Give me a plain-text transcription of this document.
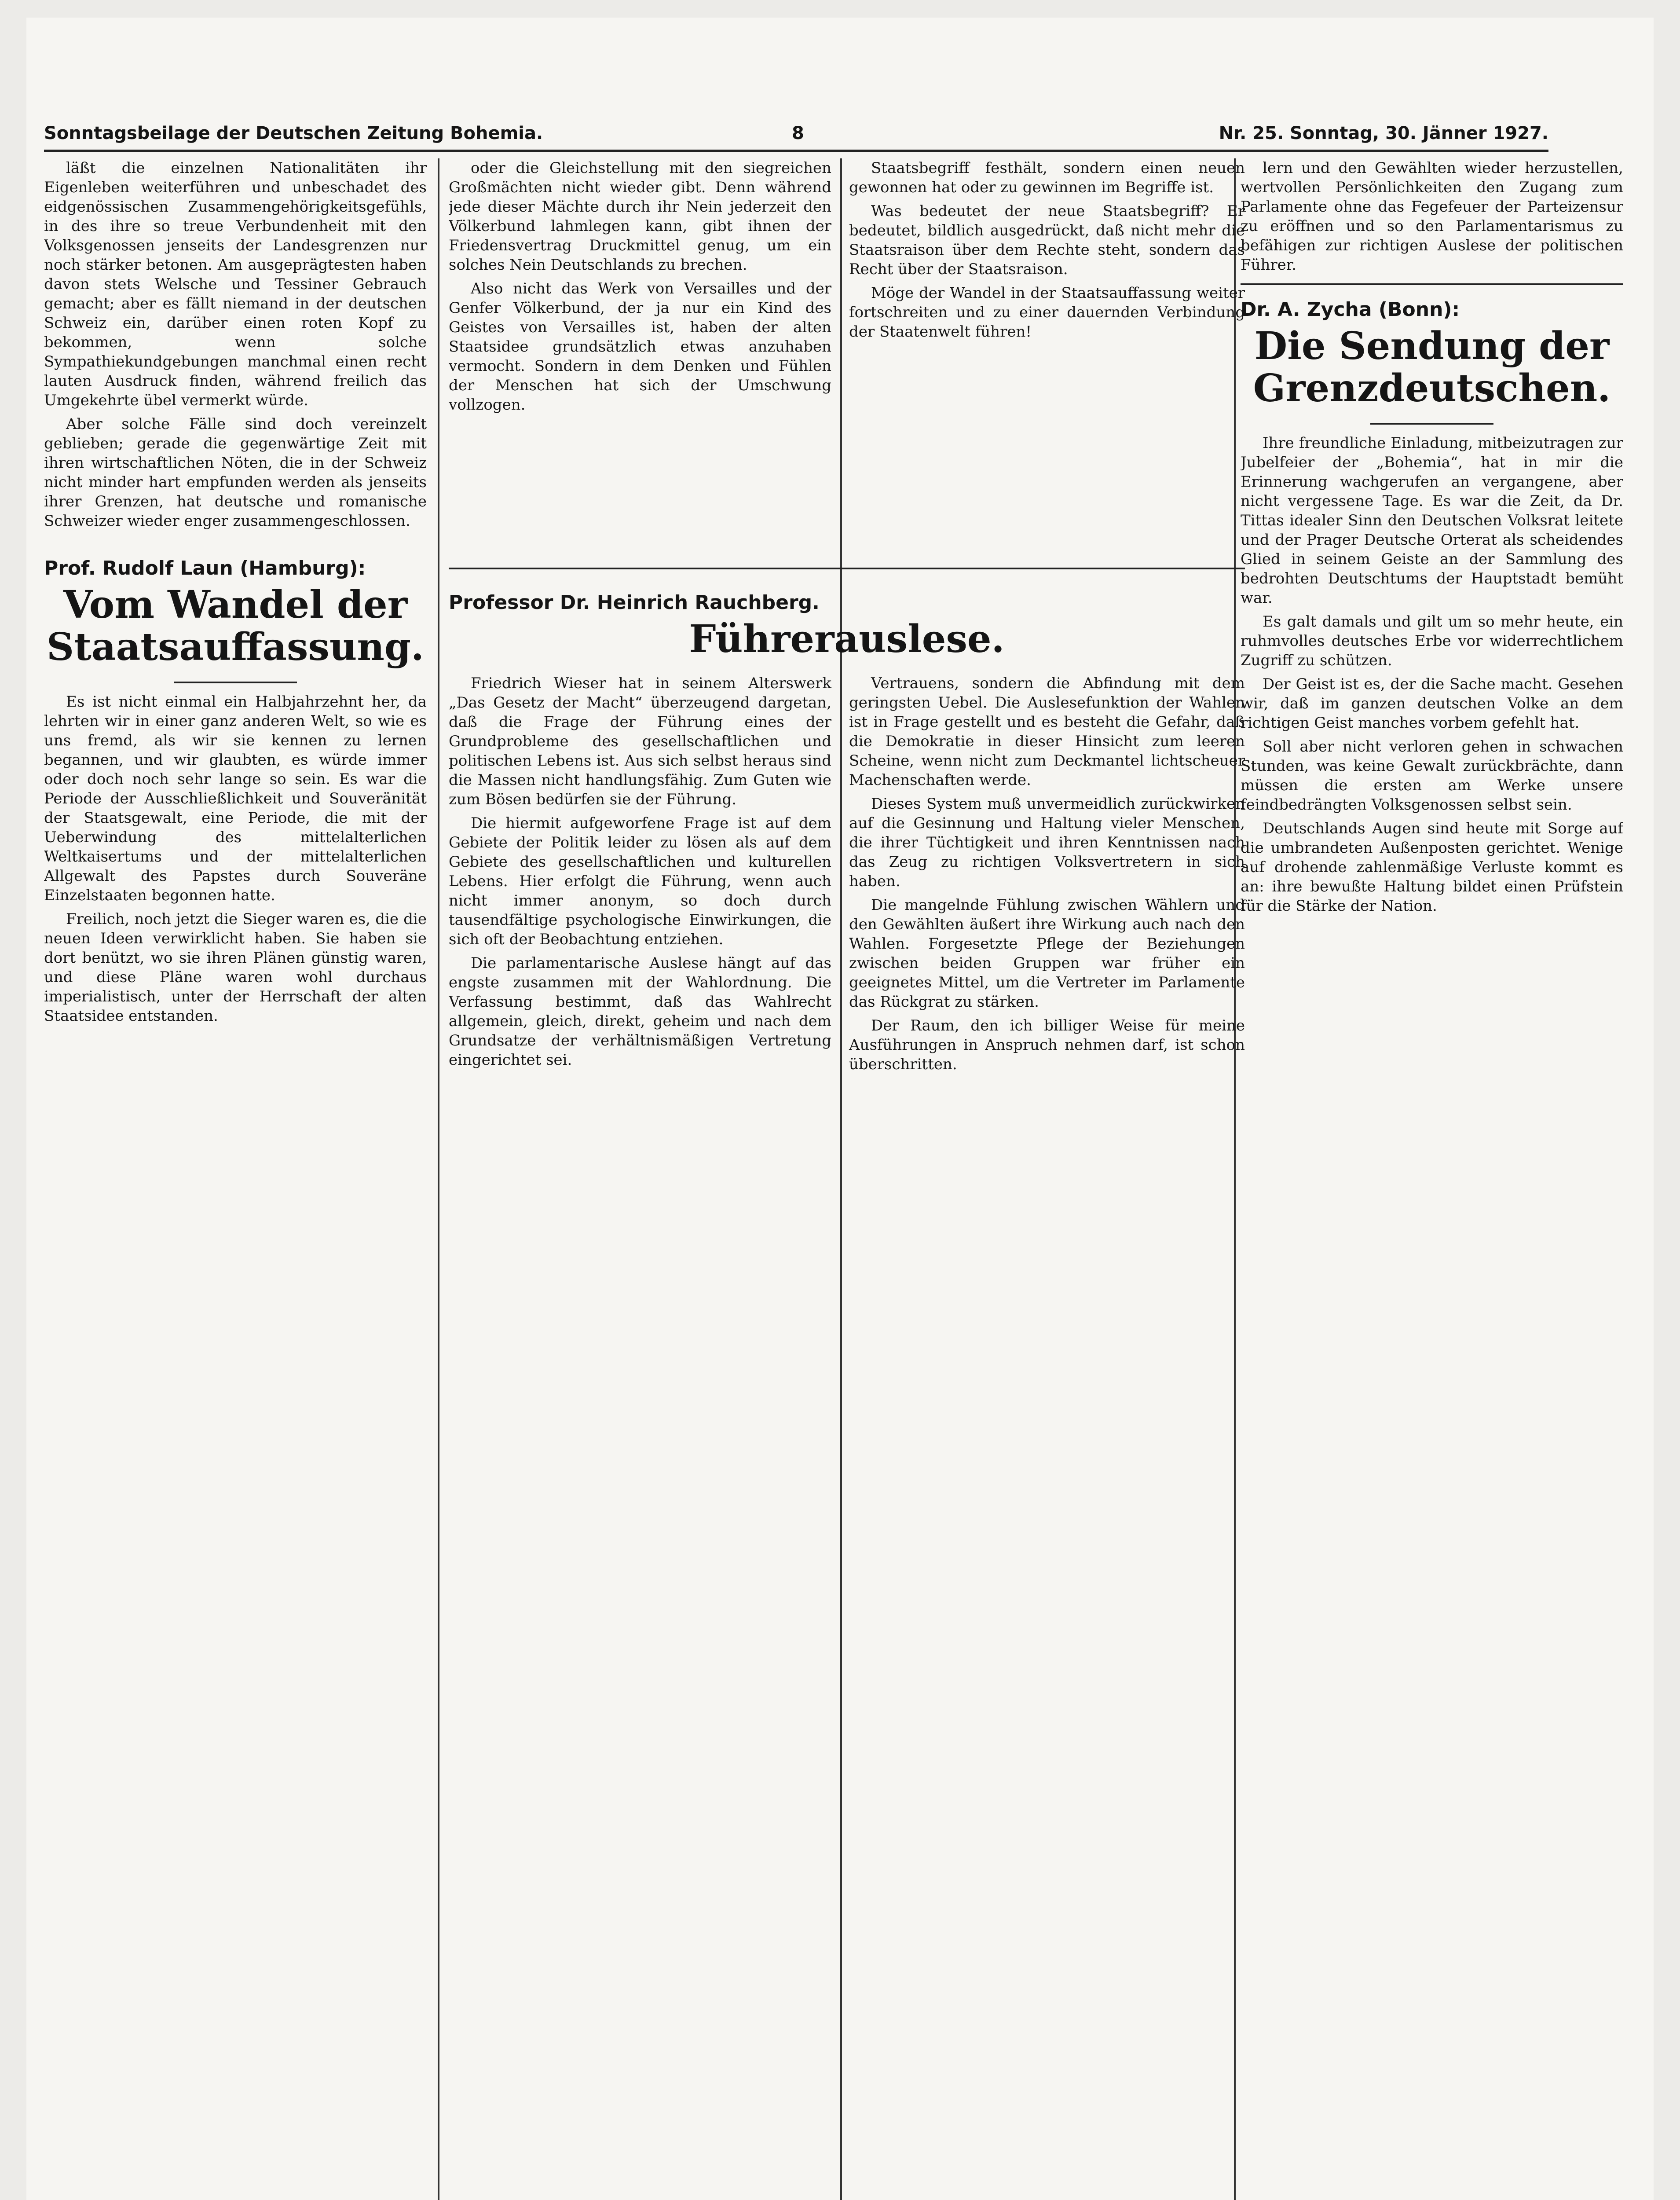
Sonntagsbeilage der Deutschen Zeitung Bohemia.	8	Nr. 25. Sonntag, 30. Jänner 1927.

läßt die einzelnen Nationalitäten ihr Eigenleben weiterführen und unbeschadet des eidgenössischen Zusammengehörigkeitsgefühls, in des ihre so treue Verbundenheit mit den Volksgenossen jenseits der Landesgrenzen nur noch stärker betonen. Am ausgeprägtesten haben davon stets Welsche und Tessiner Gebrauch gemacht; aber es fällt niemand in der deutschen Schweiz ein, darüber einen roten Kopf zu bekommen, wenn solche Sympathiekundgebungen manchmal einen recht lauten Ausdruck finden, während freilich das Umgekehrte übel vermerkt würde.

Aber solche Fälle sind doch vereinzelt geblieben; gerade die gegenwärtige Zeit mit ihren wirtschaftlichen Nöten, die in der Schweiz nicht minder hart empfunden werden als jenseits ihrer Grenzen, hat deutsche und romanische Schweizer wieder enger zusammengeschlossen.

Prof. Rudolf Laun (Hamburg):
Vom Wandel der Staatsauffassung.

Es ist nicht einmal ein Halbjahrzehnt her, da lehrten wir in einer ganz anderen Welt, so wie es uns fremd, als wir sie kennen zu lernen begannen, und wir glaubten, es würde immer oder doch noch sehr lange so sein. Es war die Periode der Ausschließlichkeit und Souveränität der Staatsgewalt, eine Periode, die mit der Ueberwindung des mittelalterlichen Weltkaisertums und der mittelalterlichen Allgewalt des Papstes durch Souveräne Einzelstaaten begonnen hatte.

Freilich, noch jetzt die Sieger waren es, die die neuen Ideen verwirklicht haben. Sie haben sie dort benützt, wo sie ihren Plänen günstig waren, und diese Pläne waren wohl durchaus imperialistisch, unter der Herrschaft der alten Staatsidee entstanden.

oder die Gleichstellung mit den siegreichen Großmächten nicht wieder gibt. Denn während jede dieser Mächte durch ihr Nein jederzeit den Völkerbund lahmlegen kann, gibt ihnen der Friedensvertrag Druckmittel genug, um ein solches Nein Deutschlands zu brechen.

Also nicht das Werk von Versailles und der Genfer Völkerbund, der ja nur ein Kind des Geistes von Versailles ist, haben der alten Staatsidee grundsätzlich etwas anzuhaben vermocht. Sondern in dem Denken und Fühlen der Menschen hat sich der Umschwung vollzogen.

Staatsbegriff festhält, sondern einen neuen gewonnen hat oder zu gewinnen im Begriffe ist.

Was bedeutet der neue Staatsbegriff? Er bedeutet, bildlich ausgedrückt, daß nicht mehr die Staatsraison über dem Rechte steht, sondern das Recht über der Staatsraison.

Möge der Wandel in der Staatsauffassung weiter fortschreiten und zu einer dauernden Verbindung der Staatenwelt führen!

Professor Dr. Heinrich Rauchberg.
Führerauslese.

Friedrich Wieser hat in seinem Alterswerk „Das Gesetz der Macht“ überzeugend dargetan, daß die Frage der Führung eines der Grundprobleme des gesellschaftlichen und politischen Lebens ist. Aus sich selbst heraus sind die Massen nicht handlungsfähig. Zum Guten wie zum Bösen bedürfen sie der Führung.

Die hiermit aufgeworfene Frage ist auf dem Gebiete der Politik leider zu lösen als auf dem Gebiete des gesellschaftlichen und kulturellen Lebens. Hier erfolgt die Führung, wenn auch nicht immer anonym, so doch durch tausendfältige psychologische Einwirkungen, die sich oft der Beobachtung entziehen.

Die parlamentarische Auslese hängt auf das engste zusammen mit der Wahlordnung. Die Verfassung bestimmt, daß das Wahlrecht allgemein, gleich, direkt, geheim und nach dem Grundsatze der verhältnismäßigen Vertretung eingerichtet sei.

Vertrauens, sondern die Abfindung mit dem geringsten Uebel. Die Auslesefunktion der Wahlen ist in Frage gestellt und es besteht die Gefahr, daß die Demokratie in dieser Hinsicht zum leeren Scheine, wenn nicht zum Deckmantel lichtscheuer Machenschaften werde.

Dieses System muß unvermeidlich zurückwirken auf die Gesinnung und Haltung vieler Menschen, die ihrer Tüchtigkeit und ihren Kenntnissen nach das Zeug zu richtigen Volksvertretern in sich haben.

Die mangelnde Fühlung zwischen Wählern und den Gewählten äußert ihre Wirkung auch nach den Wahlen. Forgesetzte Pflege der Beziehungen zwischen beiden Gruppen war früher ein geeignetes Mittel, um die Vertreter im Parlamente das Rückgrat zu stärken.

Der Raum, den ich billiger Weise für meine Ausführungen in Anspruch nehmen darf, ist schon überschritten.

lern und den Gewählten wieder herzustellen, wertvollen Persönlichkeiten den Zugang zum Parlamente ohne das Fegefeuer der Parteizensur zu eröffnen und so den Parlamentarismus zu befähigen zur richtigen Auslese der politischen Führer.

Dr. A. Zycha (Bonn):
Die Sendung der Grenzdeutschen.

Ihre freundliche Einladung, mitbeizutragen zur Jubelfeier der „Bohemia“, hat in mir die Erinnerung wachgerufen an vergangene, aber nicht vergessene Tage. Es war die Zeit, da Dr. Tittas idealer Sinn den Deutschen Volksrat leitete und der Prager Deutsche Orterat als scheidendes Glied in seinem Geiste an der Sammlung des bedrohten Deutschtums der Hauptstadt bemüht war.

Es galt damals und gilt um so mehr heute, ein ruhmvolles deutsches Erbe vor widerrechtlichem Zugriff zu schützen.

Der Geist ist es, der die Sache macht. Gesehen wir, daß im ganzen deutschen Volke an dem richtigen Geist manches vorbem gefehlt hat.

Soll aber nicht verloren gehen in schwachen Stunden, was keine Gewalt zurückbrächte, dann müssen die ersten am Werke unsere feindbedrängten Volksgenossen selbst sein.

Deutschlands Augen sind heute mit Sorge auf die umbrandeten Außenposten gerichtet. Wenige auf drohende zahlenmäßige Verluste kommt es an: ihre bewußte Haltung bildet einen Prüfstein für die Stärke der Nation.
